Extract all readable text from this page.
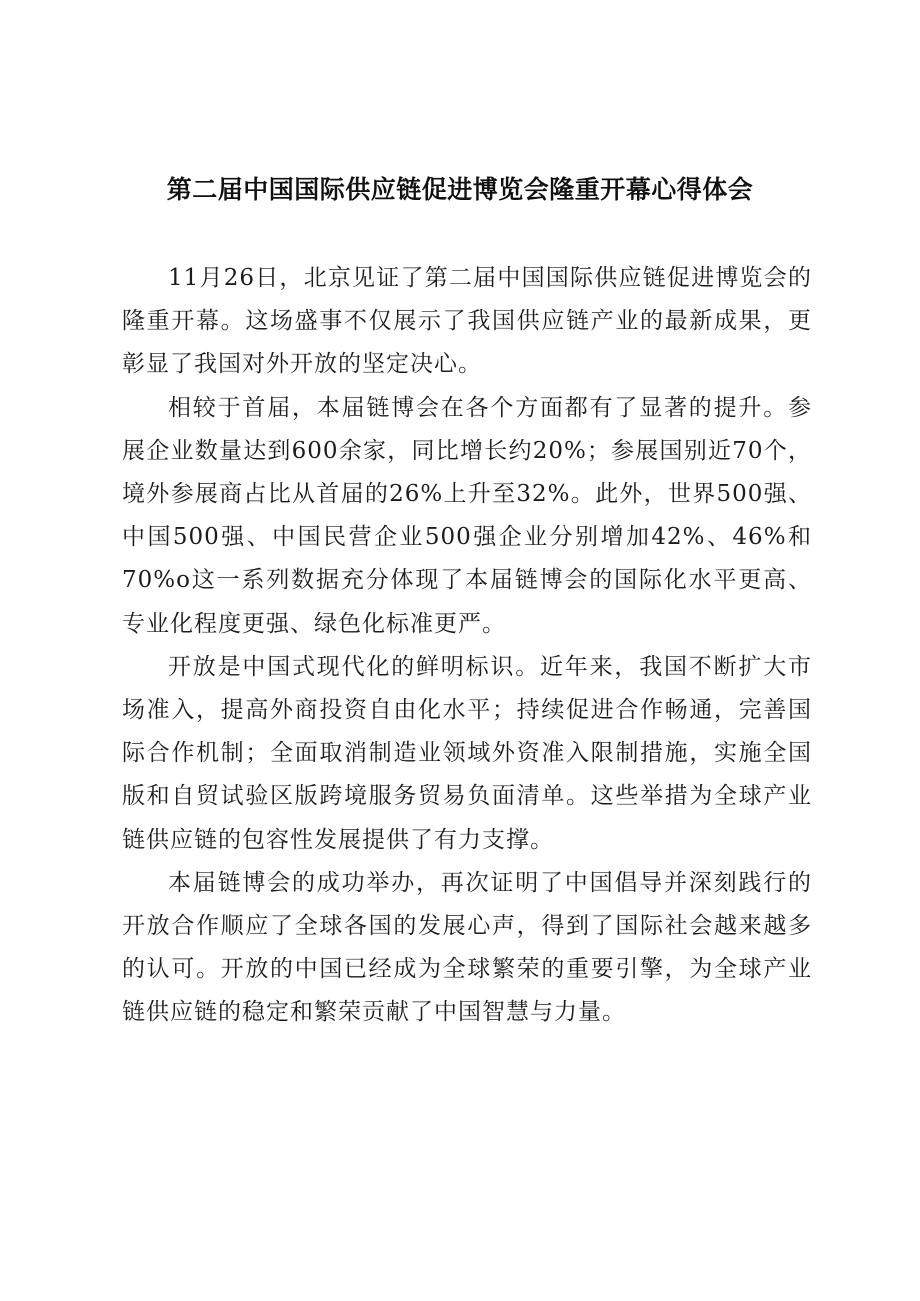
第二届中国国际供应链促进博览会隆重开幕心得体会

11月26日，北京见证了第二届中国国际供应链促进博览会的隆重开幕。这场盛事不仅展示了我国供应链产业的最新成果，更彰显了我国对外开放的坚定决心。

相较于首届，本届链博会在各个方面都有了显著的提升。参展企业数量达到600余家，同比增长约20%；参展国别近70个，境外参展商占比从首届的26%上升至32%。此外，世界500强、中国500强、中国民营企业500强企业分别增加42%、46%和70%o这一系列数据充分体现了本届链博会的国际化水平更高、专业化程度更强、绿色化标准更严。

开放是中国式现代化的鲜明标识。近年来，我国不断扩大市场准入，提高外商投资自由化水平；持续促进合作畅通，完善国际合作机制；全面取消制造业领域外资准入限制措施，实施全国版和自贸试验区版跨境服务贸易负面清单。这些举措为全球产业链供应链的包容性发展提供了有力支撑。

本届链博会的成功举办，再次证明了中国倡导并深刻践行的开放合作顺应了全球各国的发展心声，得到了国际社会越来越多的认可。开放的中国已经成为全球繁荣的重要引擎，为全球产业链供应链的稳定和繁荣贡献了中国智慧与力量。
